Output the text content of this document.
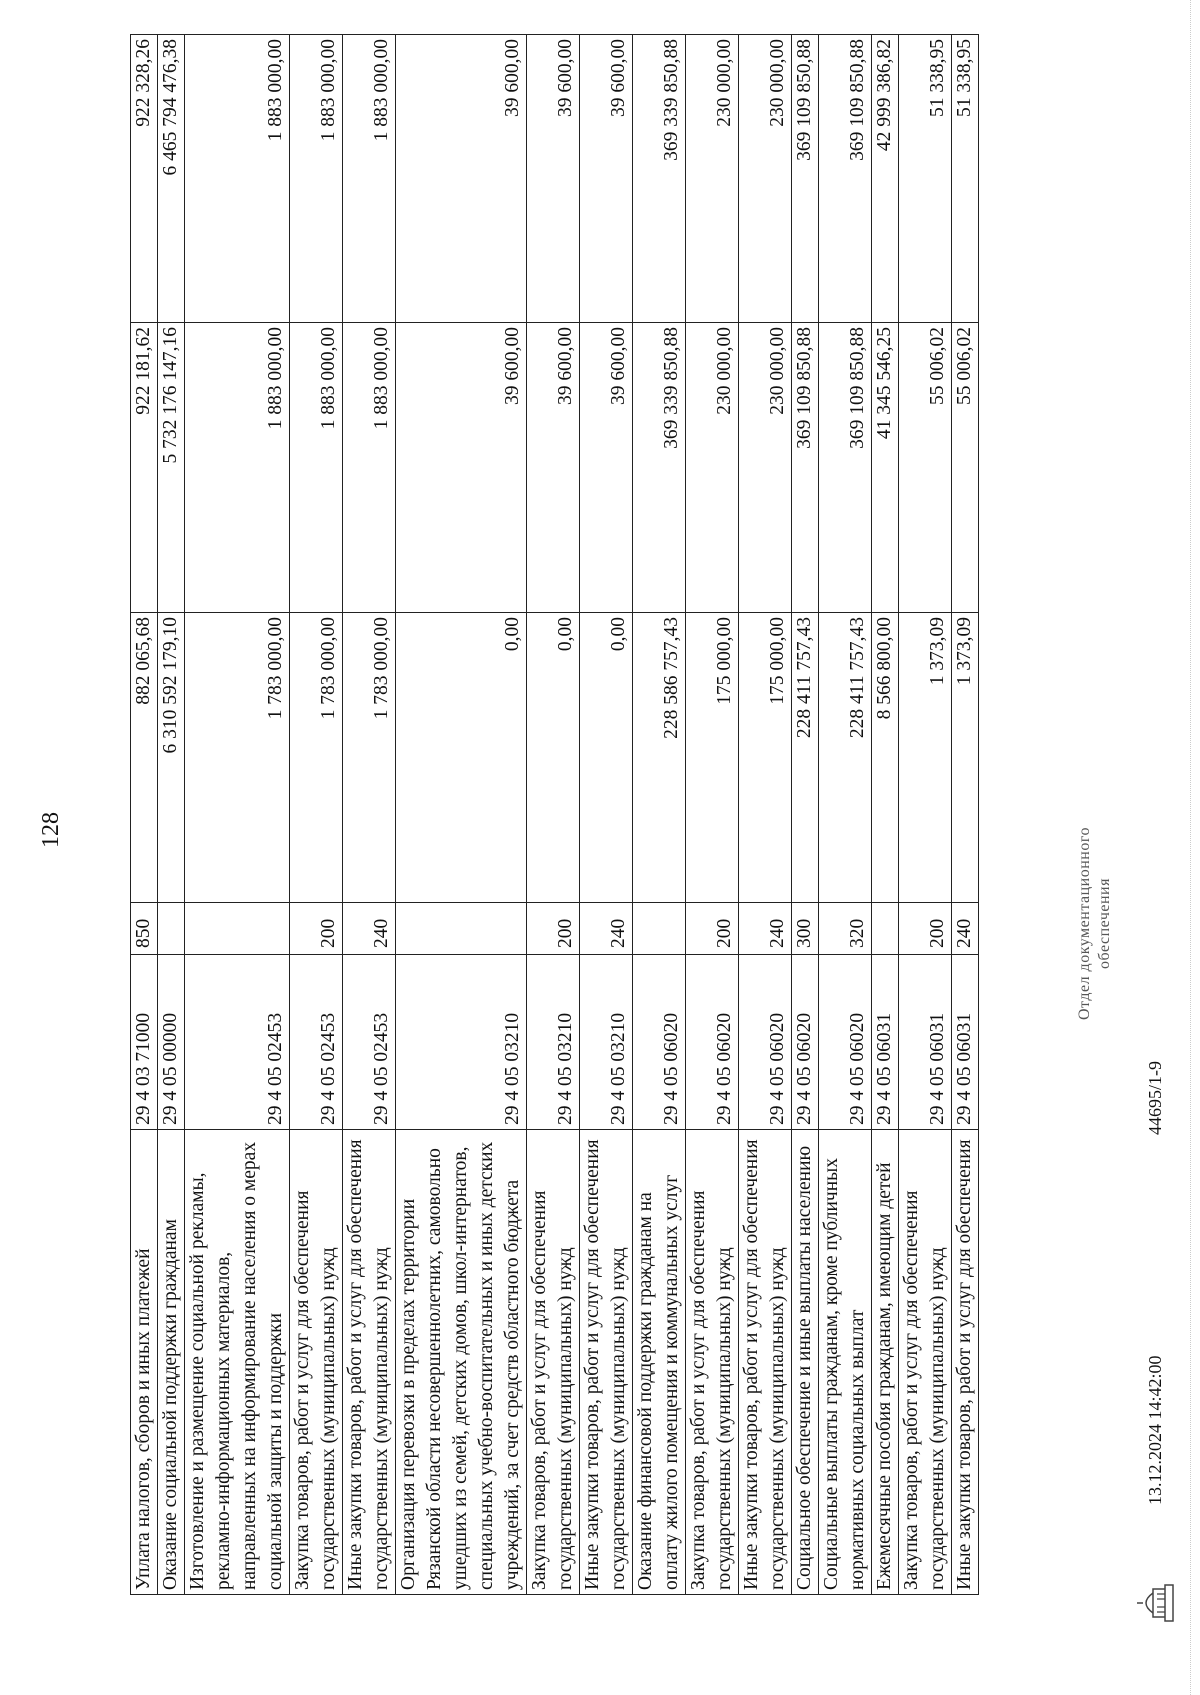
128
Уплата налогов, сборов и иных платежей	29 4 03 71000	850	882 065,68	922 181,62	922 328,26
Оказание социальной поддержки гражданам	29 4 05 00000		6 310 592 179,10	5 732 176 147,16	6 465 794 476,38
Изготовление и размещение социальной рекламы, рекламно-информационных материалов, направленных на информирование населения о мерах социальной защиты и поддержки	29 4 05 02453		1 783 000,00	1 883 000,00	1 883 000,00
Закупка товаров, работ и услуг для обеспечения государственных (муниципальных) нужд	29 4 05 02453	200	1 783 000,00	1 883 000,00	1 883 000,00
Иные закупки товаров, работ и услуг для обеспечения государственных (муниципальных) нужд	29 4 05 02453	240	1 783 000,00	1 883 000,00	1 883 000,00
Организация перевозки в пределах территории Рязанской области несовершеннолетних, самовольно ушедших из семей, детских домов, школ-интернатов, специальных учебно-воспитательных и иных детских учреждений, за счет средств областного бюджета	29 4 05 03210		0,00	39 600,00	39 600,00
Закупка товаров, работ и услуг для обеспечения государственных (муниципальных) нужд	29 4 05 03210	200	0,00	39 600,00	39 600,00
Иные закупки товаров, работ и услуг для обеспечения государственных (муниципальных) нужд	29 4 05 03210	240	0,00	39 600,00	39 600,00
Оказание финансовой поддержки гражданам на оплату жилого помещения и коммунальных услуг	29 4 05 06020		228 586 757,43	369 339 850,88	369 339 850,88
Закупка товаров, работ и услуг для обеспечения государственных (муниципальных) нужд	29 4 05 06020	200	175 000,00	230 000,00	230 000,00
Иные закупки товаров, работ и услуг для обеспечения государственных (муниципальных) нужд	29 4 05 06020	240	175 000,00	230 000,00	230 000,00
Социальное обеспечение и иные выплаты населению	29 4 05 06020	300	228 411 757,43	369 109 850,88	369 109 850,88
Социальные выплаты гражданам, кроме публичных нормативных социальных выплат	29 4 05 06020	320	228 411 757,43	369 109 850,88	369 109 850,88
Ежемесячные пособия гражданам, имеющим детей	29 4 05 06031		8 566 800,00	41 345 546,25	42 999 386,82
Закупка товаров, работ и услуг для обеспечения государственных (муниципальных) нужд	29 4 05 06031	200	1 373,09	55 006,02	51 338,95
Иные закупки товаров, работ и услуг для обеспечения	29 4 05 06031	240	1 373,09	55 006,02	51 338,95
13.12.2024 14:42:00
44695/1-9
Отдел документационного обеспечения
